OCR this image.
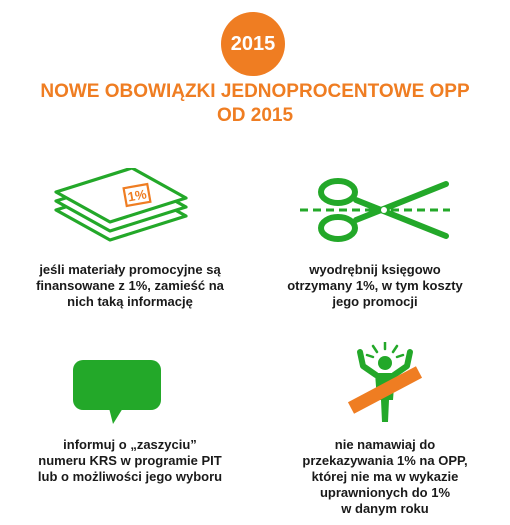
2015
NOWE OBOWIĄZKI JEDNOPROCENTOWE OPP
OD 2015
1%
jeśli materiały promocyjne są
finansowane z 1%, zamieść na
nich taką informację
wyodrębnij księgowo
otrzymany 1%, w tym koszty
jego promocji
informuj o „zaszyciu”
numeru KRS w programie PIT
lub o możliwości jego wyboru
nie namawiaj do
przekazywania 1% na OPP,
której nie ma w wykazie
uprawnionych do 1%
w danym roku
